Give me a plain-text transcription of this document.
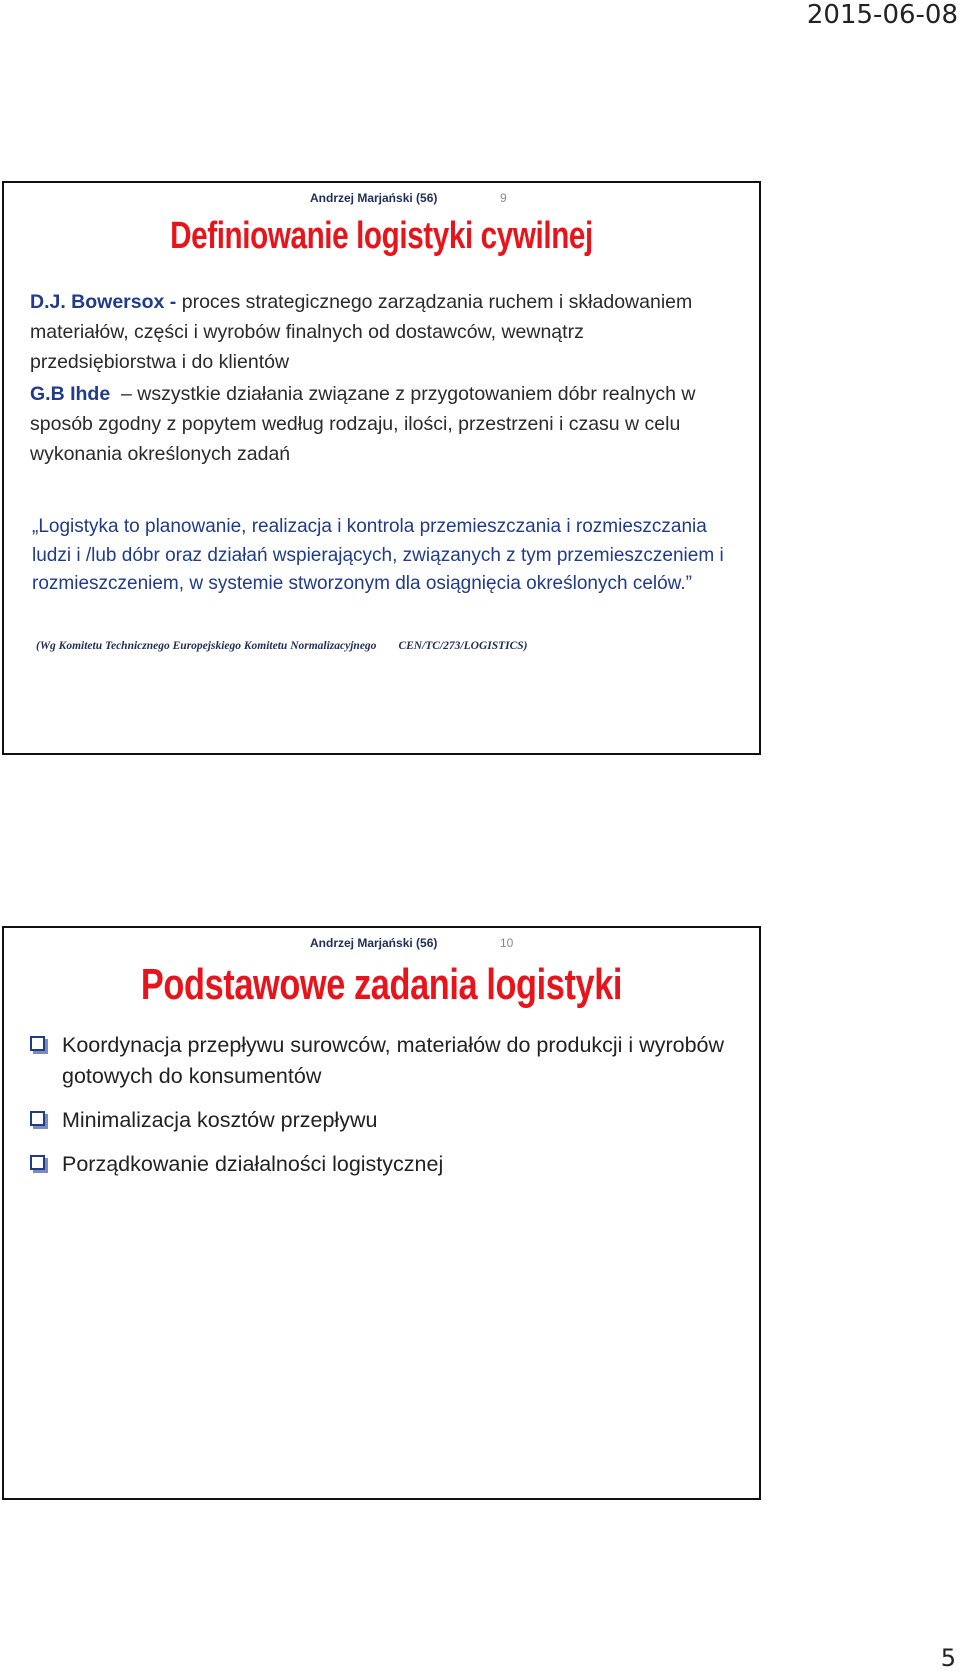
2015-06-08
Andrzej Marjański (56)	9
Definiowanie logistyki cywilnej
D.J. Bowersox - proces strategicznego zarządzania ruchem i składowaniem materiałów, części i wyrobów finalnych od dostawców, wewnątrz przedsiębiorstwa i do klientów
G.B Ihde  – wszystkie działania związane z przygotowaniem dóbr realnych w sposób zgodny z popytem według rodzaju, ilości, przestrzeni i czasu w celu wykonania określonych zadań
„Logistyka to planowanie, realizacja i kontrola przemieszczania i rozmieszczania ludzi i /lub dóbr oraz działań wspierających, związanych z tym przemieszczeniem i rozmieszczeniem, w systemie stworzonym dla osiągnięcia określonych celów.”
(Wg Komitetu Technicznego Europejskiego Komitetu Normalizacyjnego CEN/TC/273/LOGISTICS)
Andrzej Marjański (56)	10
Podstawowe zadania logistyki
Koordynacja przepływu surowców, materiałów do produkcji i wyrobów gotowych do konsumentów
Minimalizacja kosztów przepływu
Porządkowanie działalności logistycznej
5
